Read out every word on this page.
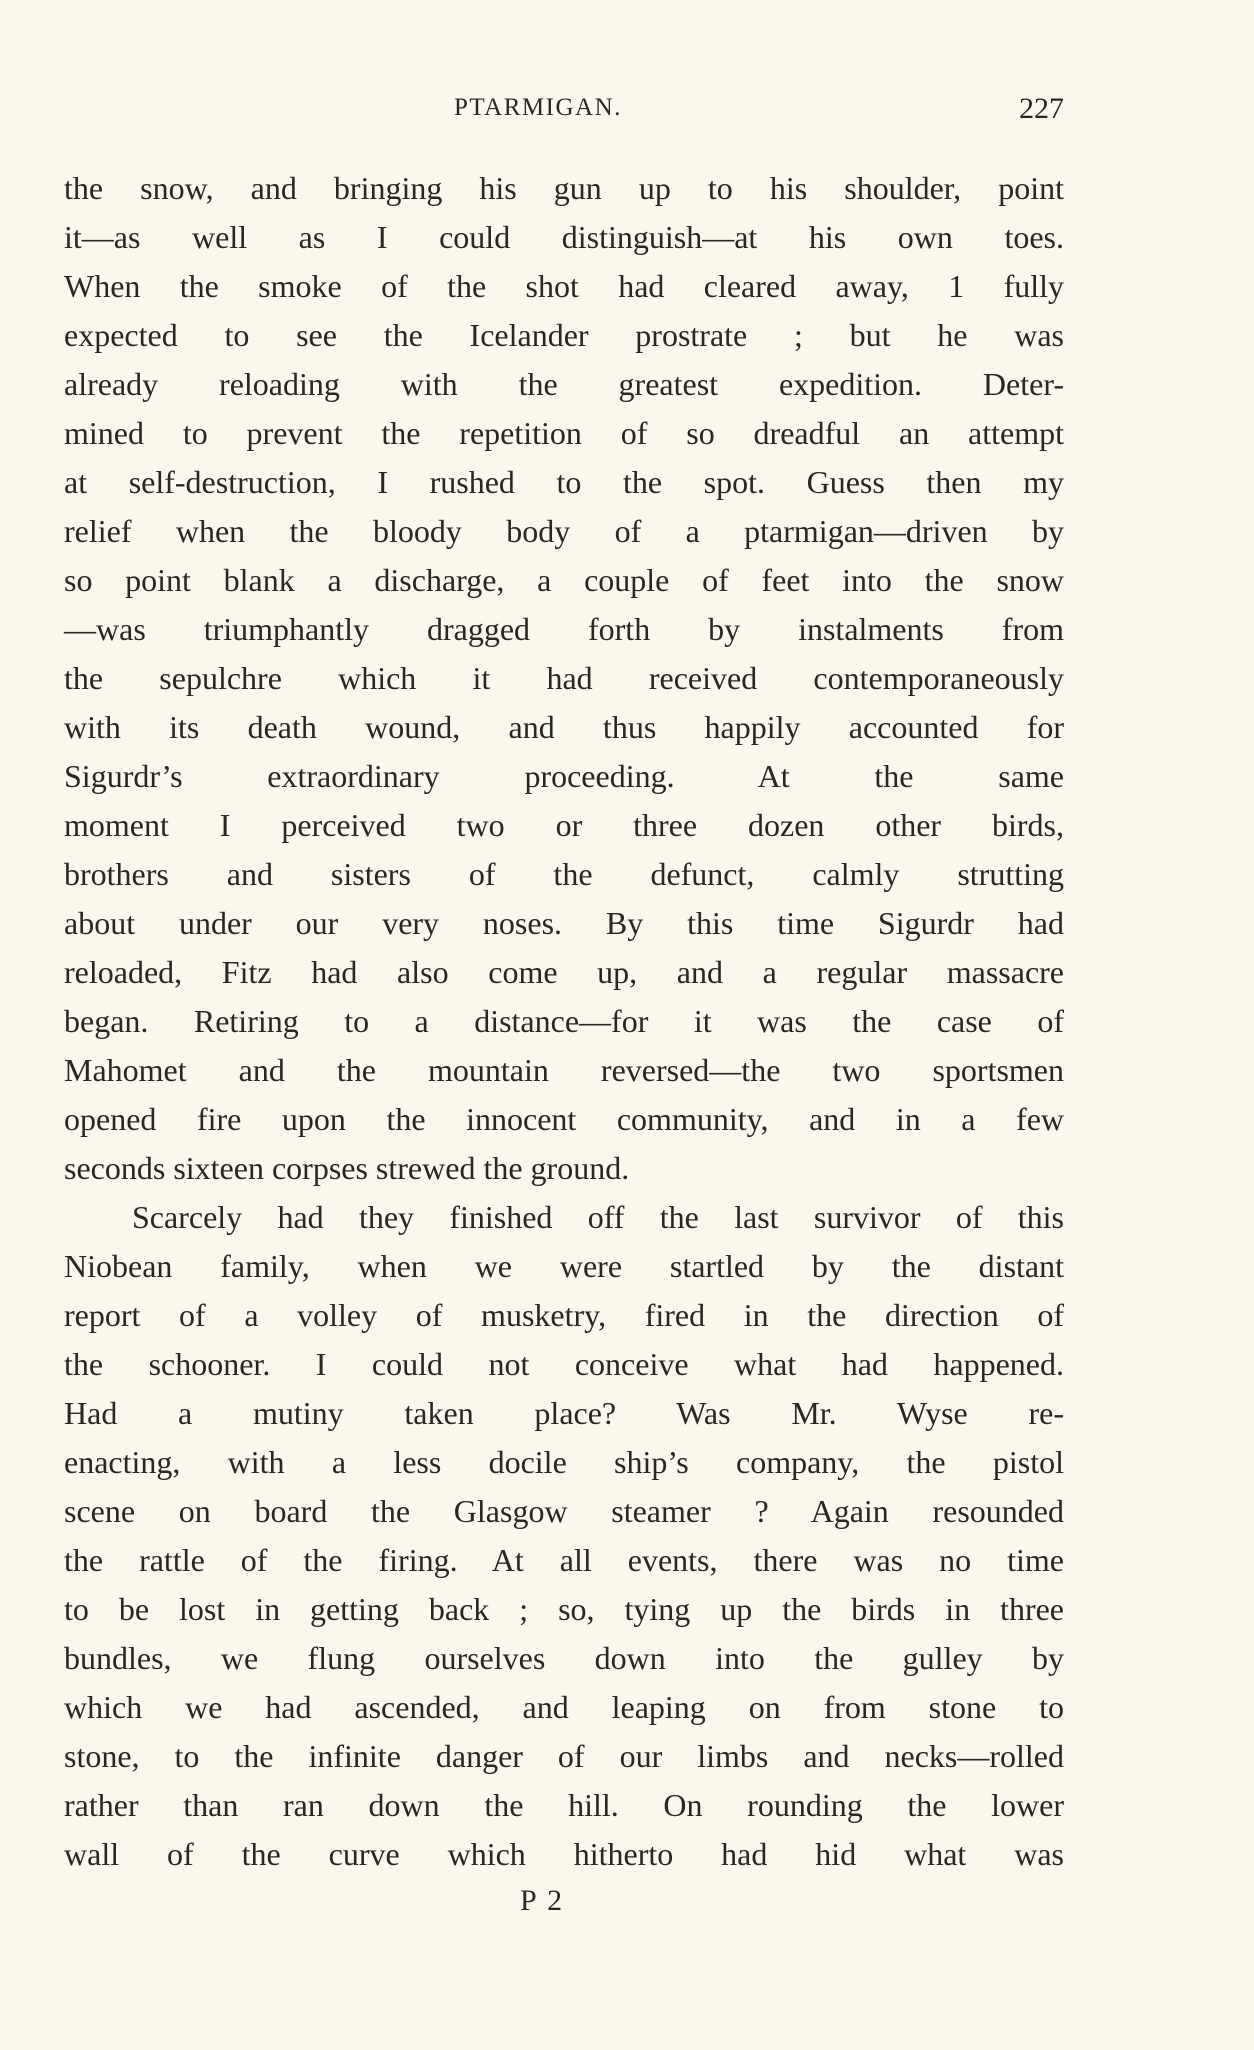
PTARMIGAN.	227
the snow, and bringing his gun up to his shoulder, point
it—as well as I could distinguish—at his own toes.
When the smoke of the shot had cleared away, 1 fully
expected to see the Icelander prostrate ; but he was
already reloading with the greatest expedition. Deter-
mined to prevent the repetition of so dreadful an attempt
at self-destruction, I rushed to the spot. Guess then my
relief when the bloody body of a ptarmigan—driven by
so point blank a discharge, a couple of feet into the snow
—was triumphantly dragged forth by instalments from
the sepulchre which it had received contemporaneously
with its death wound, and thus happily accounted for
Sigurdr’s extraordinary proceeding. At the same
moment I perceived two or three dozen other birds,
brothers and sisters of the defunct, calmly strutting
about under our very noses. By this time Sigurdr had
reloaded, Fitz had also come up, and a regular massacre
began. Retiring to a distance—for it was the case of
Mahomet and the mountain reversed—the two sportsmen
opened fire upon the innocent community, and in a few
seconds sixteen corpses strewed the ground.
Scarcely had they finished off the last survivor of this
Niobean family, when we were startled by the distant
report of a volley of musketry, fired in the direction of
the schooner. I could not conceive what had happened.
Had a mutiny taken place? Was Mr. Wyse re-
enacting, with a less docile ship’s company, the pistol
scene on board the Glasgow steamer ? Again resounded
the rattle of the firing. At all events, there was no time
to be lost in getting back ; so, tying up the birds in three
bundles, we flung ourselves down into the gulley by
which we had ascended, and leaping on from stone to
stone, to the infinite danger of our limbs and necks—rolled
rather than ran down the hill. On rounding the lower
wall of the curve which hitherto had hid what was
P 2
